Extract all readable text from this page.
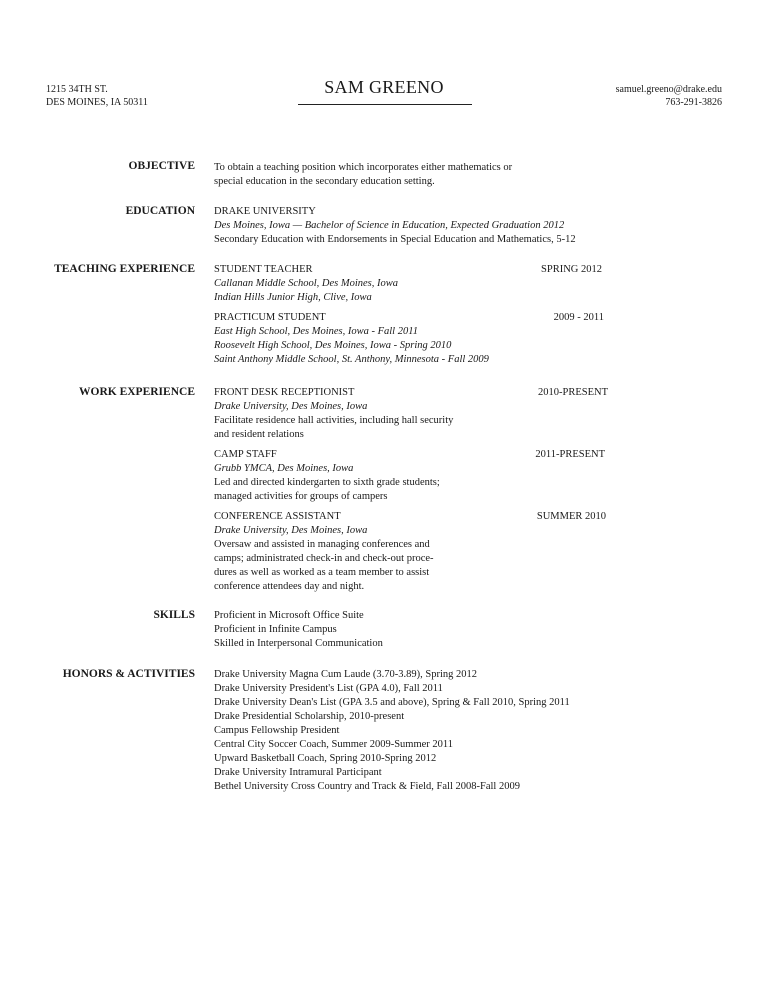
1215 34TH ST.
DES MOINES, IA 50311
SAM GREENO	samuel.greeno@drake.edu
763-291-3826
OBJECTIVE To obtain a teaching position which incorporates either mathematics or
special education in the secondary education setting.
EDUCATION DRAKE UNIVERSITY
Des Moines, Iowa — Bachelor of Science in Education, Expected Graduation 2012
Secondary Education with Endorsements in Special Education and Mathematics, 5-12
TEACHING EXPERIENCE STUDENT TEACHER	SPRING 2012
Callanan Middle School, Des Moines, Iowa
Indian Hills Junior High, Clive, Iowa
PRACTICUM STUDENT	2009 - 2011
East High School, Des Moines, Iowa - Fall 2011
Roosevelt High School, Des Moines, Iowa - Spring 2010
Saint Anthony Middle School, St. Anthony, Minnesota - Fall 2009
WORK EXPERIENCE FRONT DESK RECEPTIONIST	2010-PRESENT
Drake University, Des Moines, Iowa
Facilitate residence hall activities, including hall security
and resident relations
CAMP STAFF	2011-PRESENT
Grubb YMCA, Des Moines, Iowa
Led and directed kindergarten to sixth grade students;
managed activities for groups of campers
CONFERENCE ASSISTANT	SUMMER 2010
Drake University, Des Moines, Iowa
Oversaw and assisted in managing conferences and
camps; administrated check-in and check-out proce-
dures as well as worked as a team member to assist
conference attendees day and night.
SKILLS Proficient in Microsoft Office Suite
Proficient in Infinite Campus
Skilled in Interpersonal Communication
HONORS & ACTIVITIES Drake University Magna Cum Laude (3.70-3.89), Spring 2012
Drake University President's List (GPA 4.0), Fall 2011
Drake University Dean's List (GPA 3.5 and above), Spring & Fall 2010, Spring 2011
Drake Presidential Scholarship, 2010-present
Campus Fellowship President
Central City Soccer Coach, Summer 2009-Summer 2011
Upward Basketball Coach, Spring 2010-Spring 2012
Drake University Intramural Participant
Bethel University Cross Country and Track & Field, Fall 2008-Fall 2009
